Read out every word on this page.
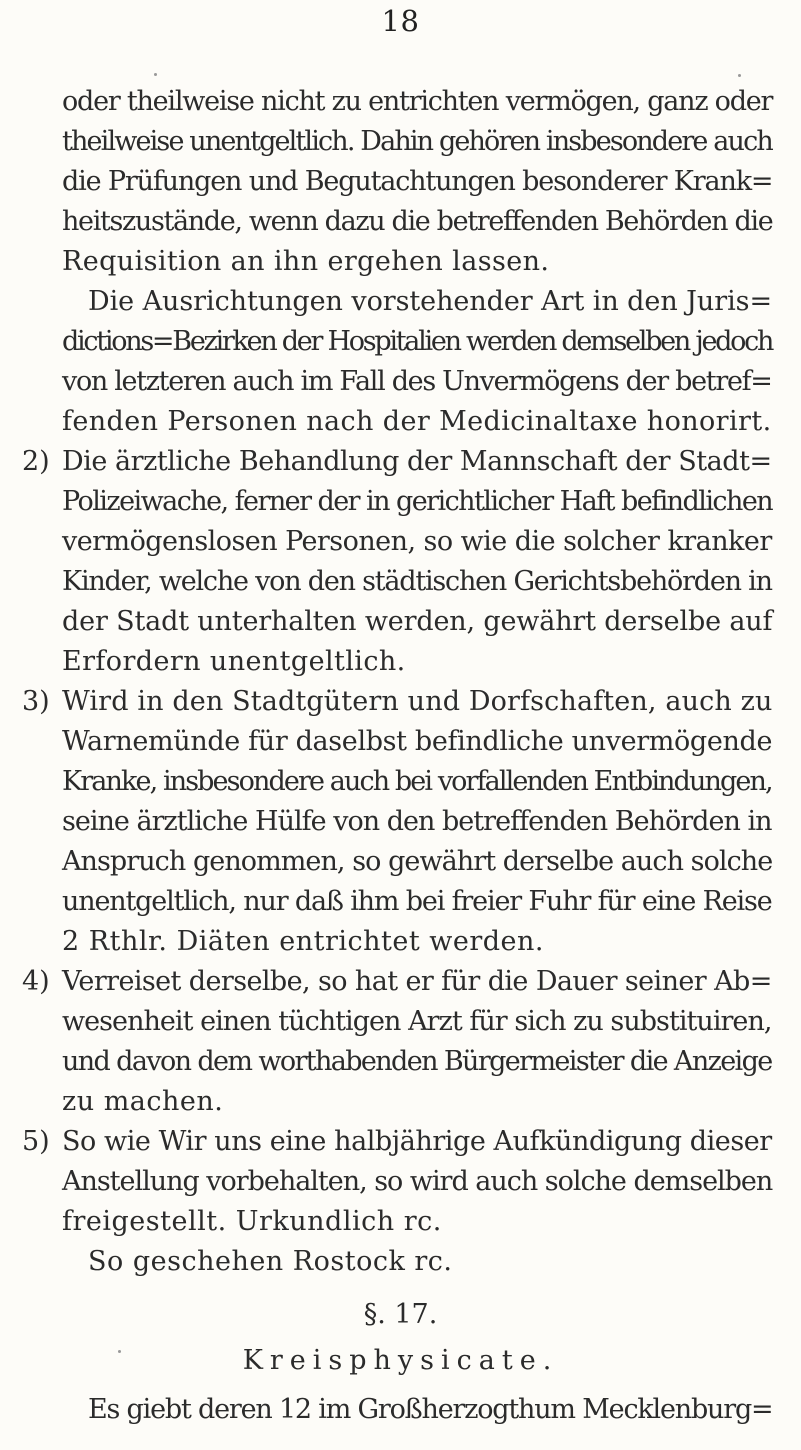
18
oder theilweise nicht zu entrichten vermögen, ganz oder
theilweise unentgeltlich. Dahin gehören insbesondere auch
die Prüfungen und Begutachtungen besonderer Krank=
heitszustände, wenn dazu die betreffenden Behörden die
Requisition an ihn ergehen lassen.
Die Ausrichtungen vorstehender Art in den Juris=
dictions=Bezirken der Hospitalien werden demselben jedoch
von letzteren auch im Fall des Unvermögens der betref=
fenden Personen nach der Medicinaltaxe honorirt.
2) Die ärztliche Behandlung der Mannschaft der Stadt=
Polizeiwache, ferner der in gerichtlicher Haft befindlichen
vermögenslosen Personen, so wie die solcher kranker
Kinder, welche von den städtischen Gerichtsbehörden in
der Stadt unterhalten werden, gewährt derselbe auf
Erfordern unentgeltlich.
3) Wird in den Stadtgütern und Dorfschaften, auch zu
Warnemünde für daselbst befindliche unvermögende
Kranke, insbesondere auch bei vorfallenden Entbindungen,
seine ärztliche Hülfe von den betreffenden Behörden in
Anspruch genommen, so gewährt derselbe auch solche
unentgeltlich, nur daß ihm bei freier Fuhr für eine Reise
2 Rthlr. Diäten entrichtet werden.
4) Verreiset derselbe, so hat er für die Dauer seiner Ab=
wesenheit einen tüchtigen Arzt für sich zu substituiren,
und davon dem worthabenden Bürgermeister die Anzeige
zu machen.
5) So wie Wir uns eine halbjährige Aufkündigung dieser
Anstellung vorbehalten, so wird auch solche demselben
freigestellt. Urkundlich rc.
So geschehen Rostock rc.
§. 17.
Kreisphysicate.
Es giebt deren 12 im Großherzogthum Mecklenburg=
